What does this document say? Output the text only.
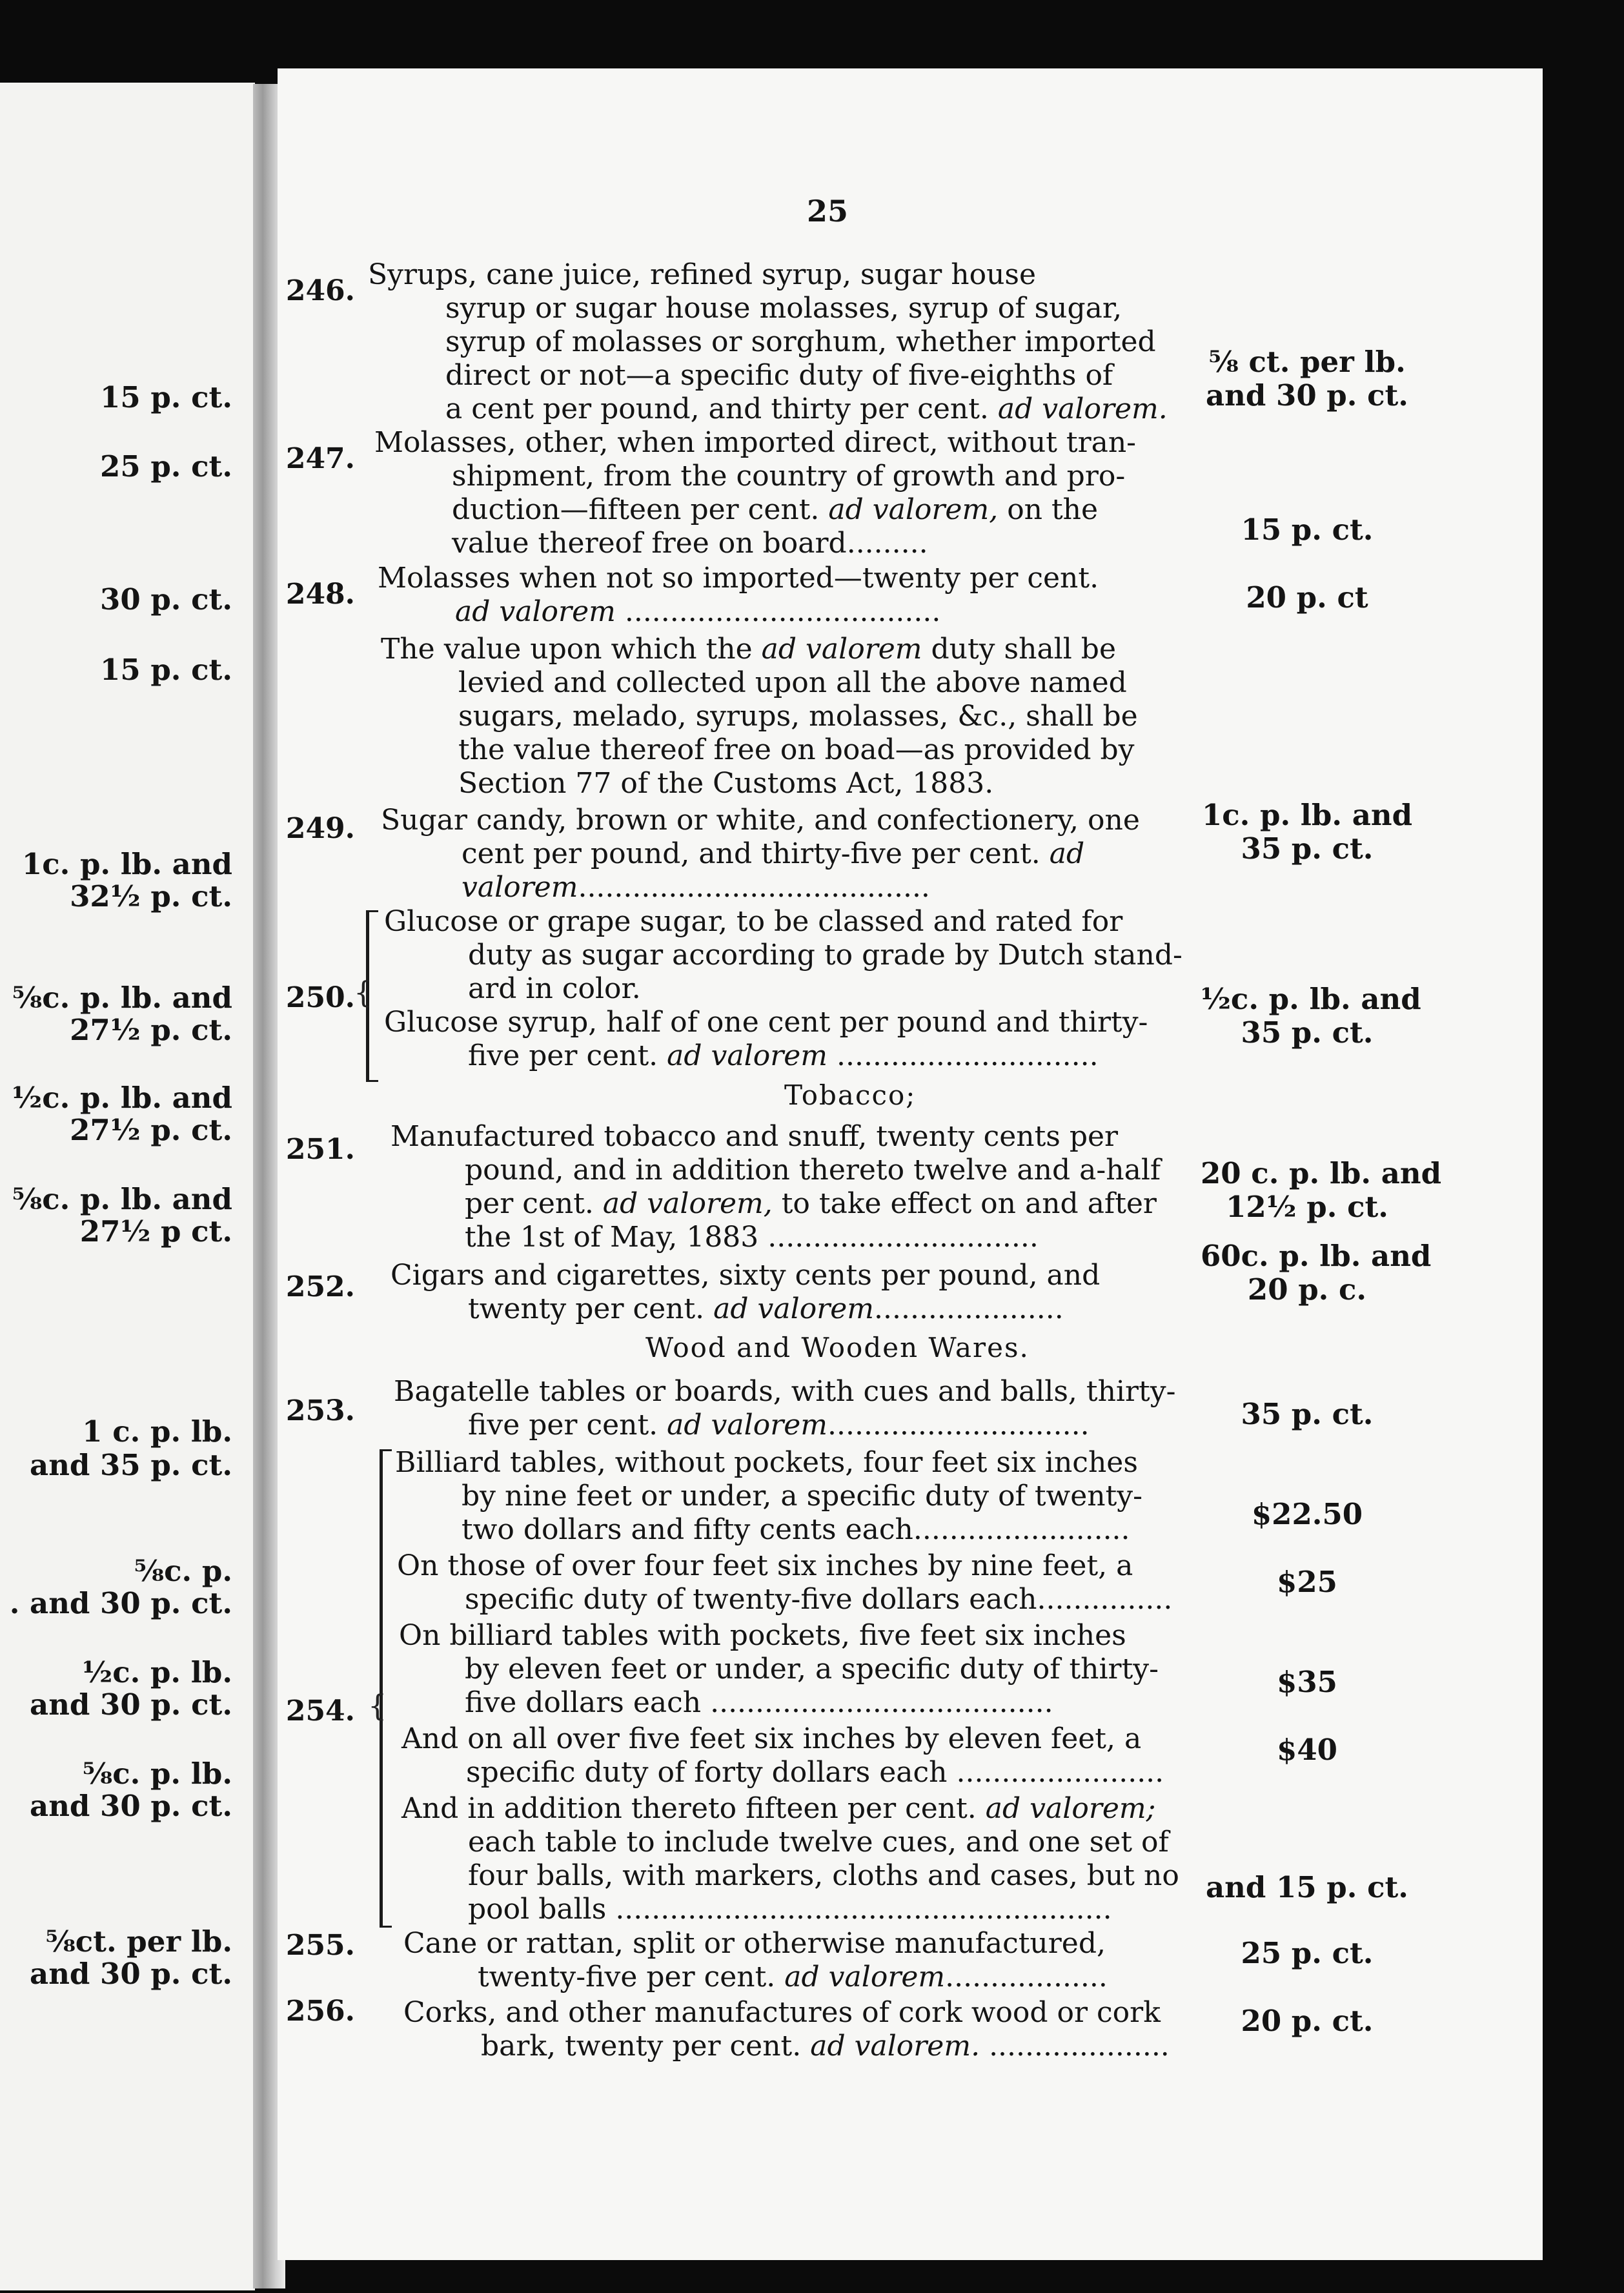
25
15 p. ct.
25 p. ct.
30 p. ct.
15 p. ct.
1c. p. lb. and
32½ p. ct.
⅝c. p. lb. and
27½ p. ct.
½c. p. lb. and
27½ p. ct.
⅝c. p. lb. and
27½ p ct.
1 c. p. lb.
and 35 p. ct.
⅝c. p.
. and 30 p. ct.
½c. p. lb.
and 30 p. ct.
⅝c. p. lb.
and 30 p. ct.
⅝ct. per lb.
and 30 p. ct.
⅝ ct. per lb.
and 30 p. ct.
15 p. ct.
20 p. ct
1c. p. lb. and
35 p. ct.
½c. p. lb. and
35 p. ct.
20 c. p. lb. and
12½ p. ct.
60c. p. lb. and
20 p. c.
35 p. ct.
$22.50
$25
$35
$40
and 15 p. ct.
25 p. ct.
20 p. ct.
246.
247.
248.
249.
250.
251.
252.
253.
254.
255.
256.
{
{
Syrups, cane juice, refined syrup, sugar house
syrup or sugar house molasses, syrup of sugar,
syrup of molasses or sorghum, whether imported
direct or not—a specific duty of five-eighths of
a cent per pound, and thirty per cent. ad valorem.
Molasses, other, when imported direct, without tran-
shipment, from the country of growth and pro-
duction—fifteen per cent. ad valorem, on the
value thereof free on board.........
Molasses when not so imported—twenty per cent.
ad valorem ...................................
The value upon which the ad valorem duty shall be
levied and collected upon all the above named
sugars, melado, syrups, molasses, &c., shall be
the value thereof free on boad—as provided by
Section 77 of the Customs Act, 1883.
Sugar candy, brown or white, and confectionery, one
cent per pound, and thirty-five per cent. ad
valorem.......................................
Glucose or grape sugar, to be classed and rated for
duty as sugar according to grade by Dutch stand-
ard in color.
Glucose syrup, half of one cent per pound and thirty-
five per cent. ad valorem .............................
Tobacco;
Manufactured tobacco and snuff, twenty cents per
pound, and in addition thereto twelve and a-half
per cent. ad valorem, to take effect on and after
the 1st of May, 1883 ..............................
Cigars and cigarettes, sixty cents per pound, and
twenty per cent. ad valorem.....................
Wood and Wooden Wares.
Bagatelle tables or boards, with cues and balls, thirty-
five per cent. ad valorem.............................
Billiard tables, without pockets, four feet six inches
by nine feet or under, a specific duty of twenty-
two dollars and fifty cents each........................
On those of over four feet six inches by nine feet, a
specific duty of twenty-five dollars each...............
On billiard tables with pockets, five feet six inches
by eleven feet or under, a specific duty of thirty-
five dollars each ......................................
And on all over five feet six inches by eleven feet, a
specific duty of forty dollars each .......................
And in addition thereto fifteen per cent. ad valorem;
each table to include twelve cues, and one set of
four balls, with markers, cloths and cases, but no
pool balls .......................................................
Cane or rattan, split or otherwise manufactured,
twenty-five per cent. ad valorem..................
Corks, and other manufactures of cork wood or cork
bark, twenty per cent. ad valorem. ....................
